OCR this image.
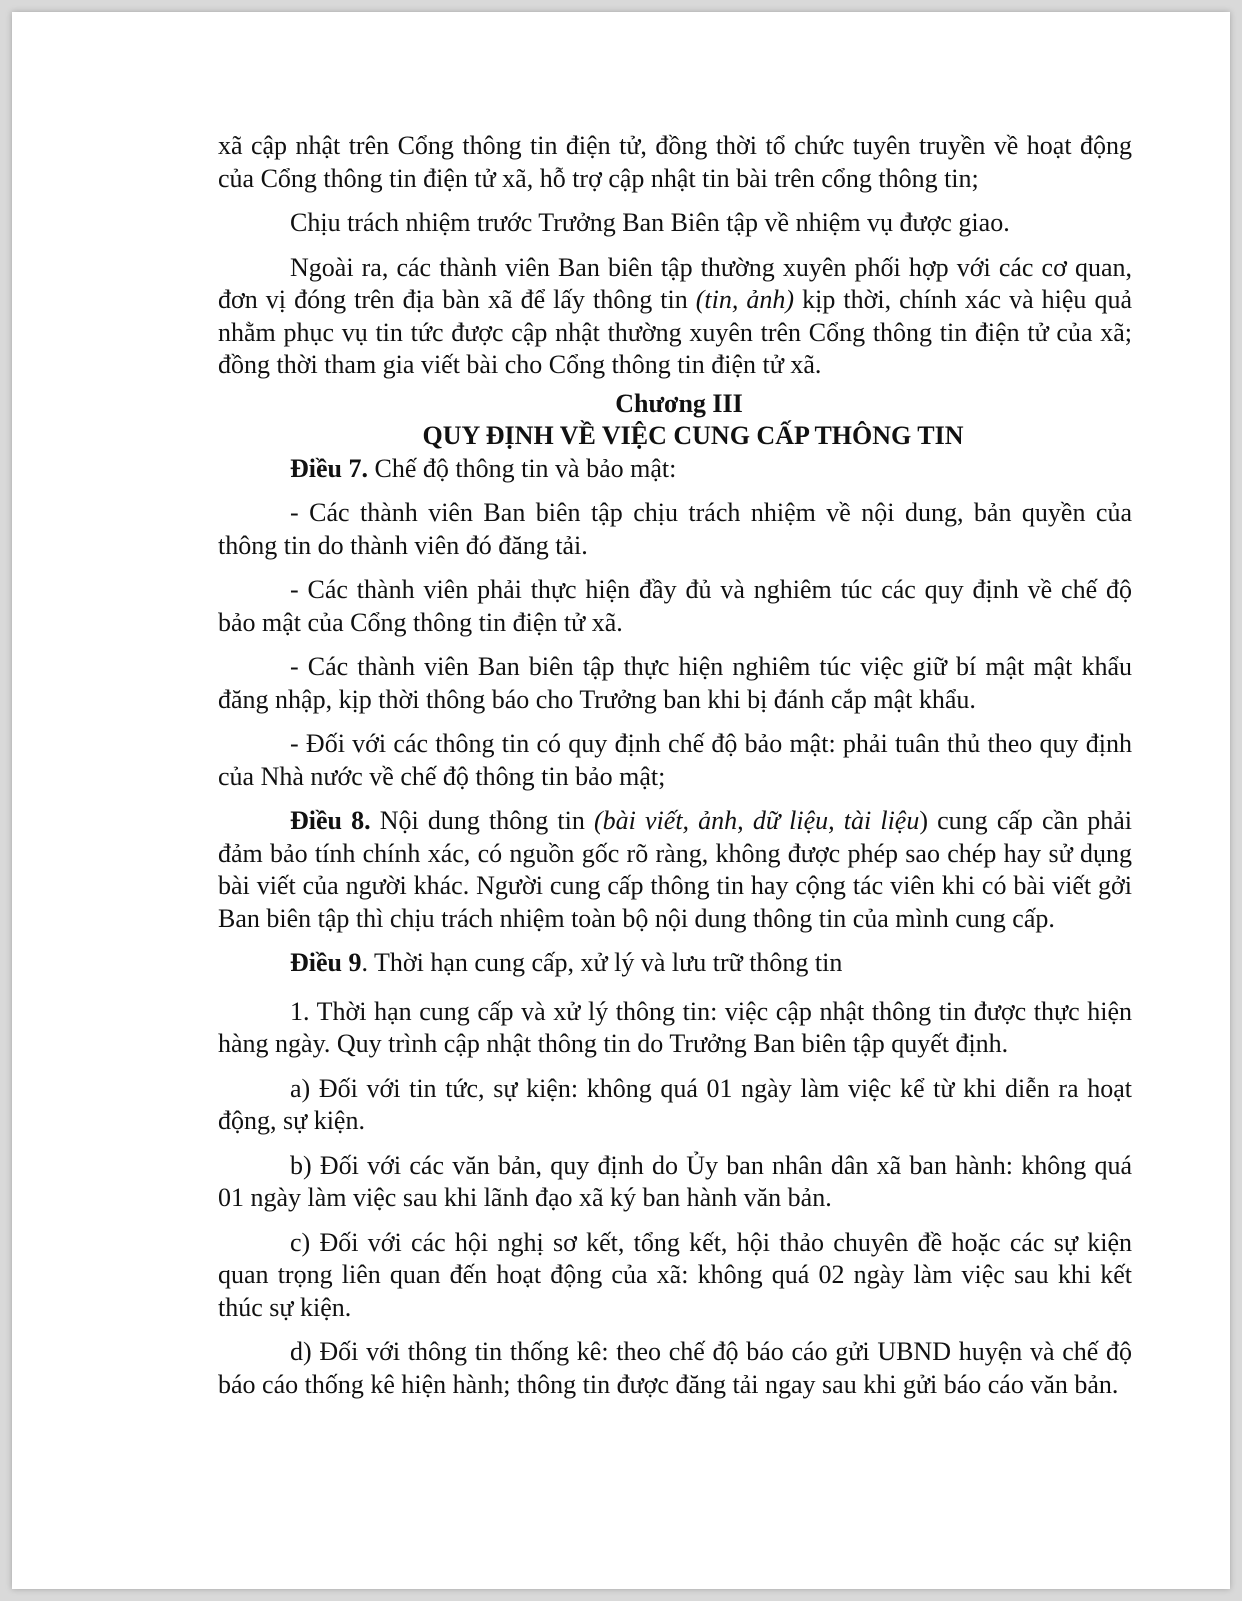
xã cập nhật trên Cổng thông tin điện tử, đồng thời tổ chức tuyên truyền về hoạt động của Cổng thông tin điện tử xã, hỗ trợ cập nhật tin bài trên cổng thông tin;

Chịu trách nhiệm trước Trưởng Ban Biên tập về nhiệm vụ được giao.

Ngoài ra, các thành viên Ban biên tập thường xuyên phối hợp với các cơ quan, đơn vị đóng trên địa bàn xã để lấy thông tin (tin, ảnh) kịp thời, chính xác và hiệu quả nhằm phục vụ tin tức được cập nhật thường xuyên trên Cổng thông tin điện tử của xã; đồng thời tham gia viết bài cho Cổng thông tin điện tử xã.

Chương III

QUY ĐỊNH VỀ VIỆC CUNG CẤP THÔNG TIN

Điều 7. Chế độ thông tin và bảo mật:

- Các thành viên Ban biên tập chịu trách nhiệm về nội dung, bản quyền của thông tin do thành viên đó đăng tải.

- Các thành viên phải thực hiện đầy đủ và nghiêm túc các quy định về chế độ bảo mật của Cổng thông tin điện tử xã.

- Các thành viên Ban biên tập thực hiện nghiêm túc việc giữ bí mật mật khẩu đăng nhập, kịp thời thông báo cho Trưởng ban khi bị đánh cắp mật khẩu.

- Đối với các thông tin có quy định chế độ bảo mật: phải tuân thủ theo quy định của Nhà nước về chế độ thông tin bảo mật;

Điều 8. Nội dung thông tin (bài viết, ảnh, dữ liệu, tài liệu) cung cấp cần phải đảm bảo tính chính xác, có nguồn gốc rõ ràng, không được phép sao chép hay sử dụng bài viết của người khác. Người cung cấp thông tin hay cộng tác viên khi có bài viết gởi Ban biên tập thì chịu trách nhiệm toàn bộ nội dung thông tin của mình cung cấp.

Điều 9. Thời hạn cung cấp, xử lý và lưu trữ thông tin

1. Thời hạn cung cấp và xử lý thông tin: việc cập nhật thông tin được thực hiện hàng ngày. Quy trình cập nhật thông tin do Trưởng Ban biên tập quyết định.

a) Đối với tin tức, sự kiện: không quá 01 ngày làm việc kể từ khi diễn ra hoạt động, sự kiện.

b) Đối với các văn bản, quy định do Ủy ban nhân dân xã ban hành: không quá 01 ngày làm việc sau khi lãnh đạo xã ký ban hành văn bản.

c) Đối với các hội nghị sơ kết, tổng kết, hội thảo chuyên đề hoặc các sự kiện quan trọng liên quan đến hoạt động của xã: không quá 02 ngày làm việc sau khi kết thúc sự kiện.

d) Đối với thông tin thống kê: theo chế độ báo cáo gửi UBND huyện và chế độ báo cáo thống kê hiện hành; thông tin được đăng tải ngay sau khi gửi báo cáo văn bản.
